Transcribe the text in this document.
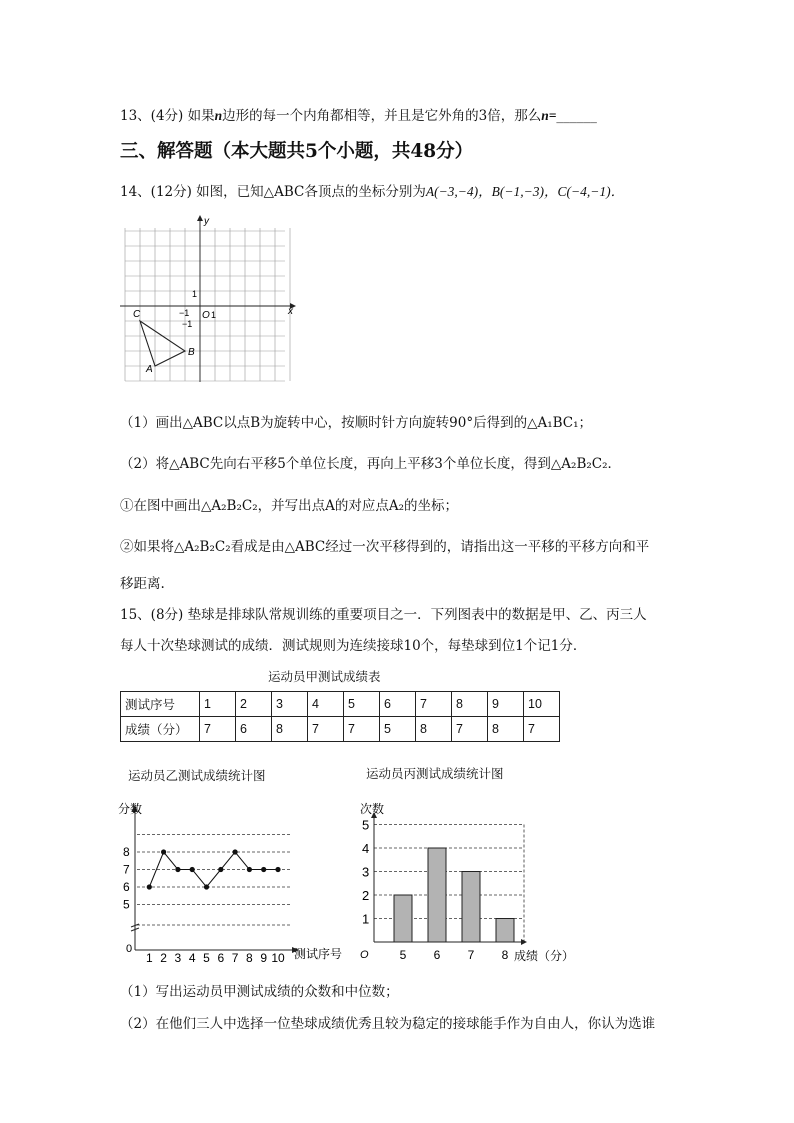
13、(4分) 如果n边形的每一个内角都相等，并且是它外角的3倍，那么n=______
三、解答题（本大题共5个小题，共48分）
14、(12分) 如图，已知△ABC各顶点的坐标分别为A(−3,−4)，B(−1,−3)，C(−4,−1)．
x
y
O 1
−1
1
−1
A
B
C
（1）画出△ABC以点B为旋转中心，按顺时针方向旋转90°后得到的△A₁BC₁；
（2）将△ABC先向右平移5个单位长度，再向上平移3个单位长度，得到△A₂B₂C₂．
①在图中画出△A₂B₂C₂，并写出点A的对应点A₂的坐标；
②如果将△A₂B₂C₂看成是由△ABC经过一次平移得到的，请指出这一平移的平移方向和平
移距离.
15、(8分) 垫球是排球队常规训练的重要项目之一．下列图表中的数据是甲、乙、丙三人
每人十次垫球测试的成绩．测试规则为连续接球10个，每垫球到位1个记1分．
运动员甲测试成绩表
测试序号	1	2	3	4	5	6	7	8	9	10
成绩（分）	7	6	8	7	7	5	8	7	8	7
运动员乙测试成绩统计图
分数
测试序号
0
5
6
7
8
1 2 3 4 5 6 7 8 9 10
运动员丙测试成绩统计图
次数
成绩（分）
O
1
2
3
4
5
5 6 7 8
（1）写出运动员甲测试成绩的众数和中位数；
（2）在他们三人中选择一位垫球成绩优秀且较为稳定的接球能手作为自由人，你认为选谁
